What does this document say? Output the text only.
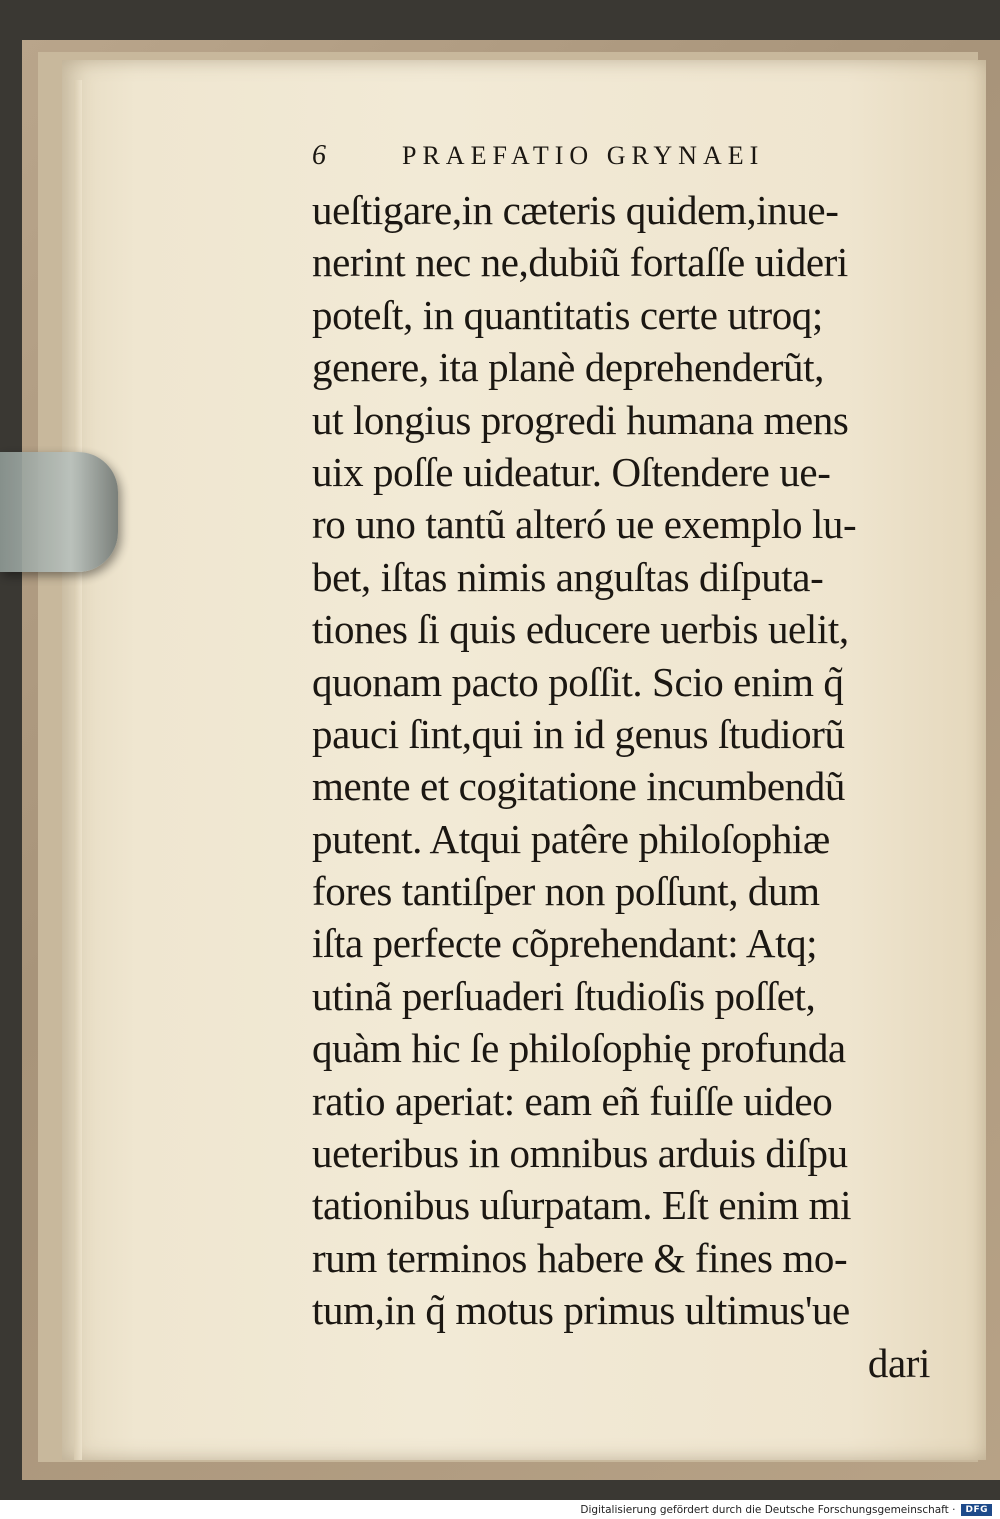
6	PRAEFATIO GRYNAEI
ueſtigare,in cæteris quidem,inue-
nerint nec ne,dubiũ fortaſſe uideri
poteſt, in quantitatis certe utroq;
genere, ita planè deprehenderũt,
ut longius progredi humana mens
uix poſſe uideatur. Oſtendere ue-
ro uno tantũ alteró ue exemplo lu-
bet, iſtas nimis anguſtas diſputa-
tiones ſi quis educere uerbis uelit,
quonam pacto poſſit. Scio enim q̃
pauci ſint,qui in id genus ſtudiorũ
mente et cogitatione incumbendũ
putent. Atqui patêre philoſophiæ
fores tantiſper non poſſunt, dum
iſta perfecte cõprehendant: Atq;
utinã perſuaderi ſtudioſis poſſet,
quàm hic ſe philoſophię profunda
ratio aperiat: eam eñ fuiſſe uideo
ueteribus in omnibus arduis diſpu
tationibus uſurpatam. Eſt enim mi
rum terminos habere & fines mo-
tum,in q̃ motus primus ultimus'ue
dari
Digitalisierung gefördert durch die Deutsche Forschungsgemeinschaft ·	DFG
